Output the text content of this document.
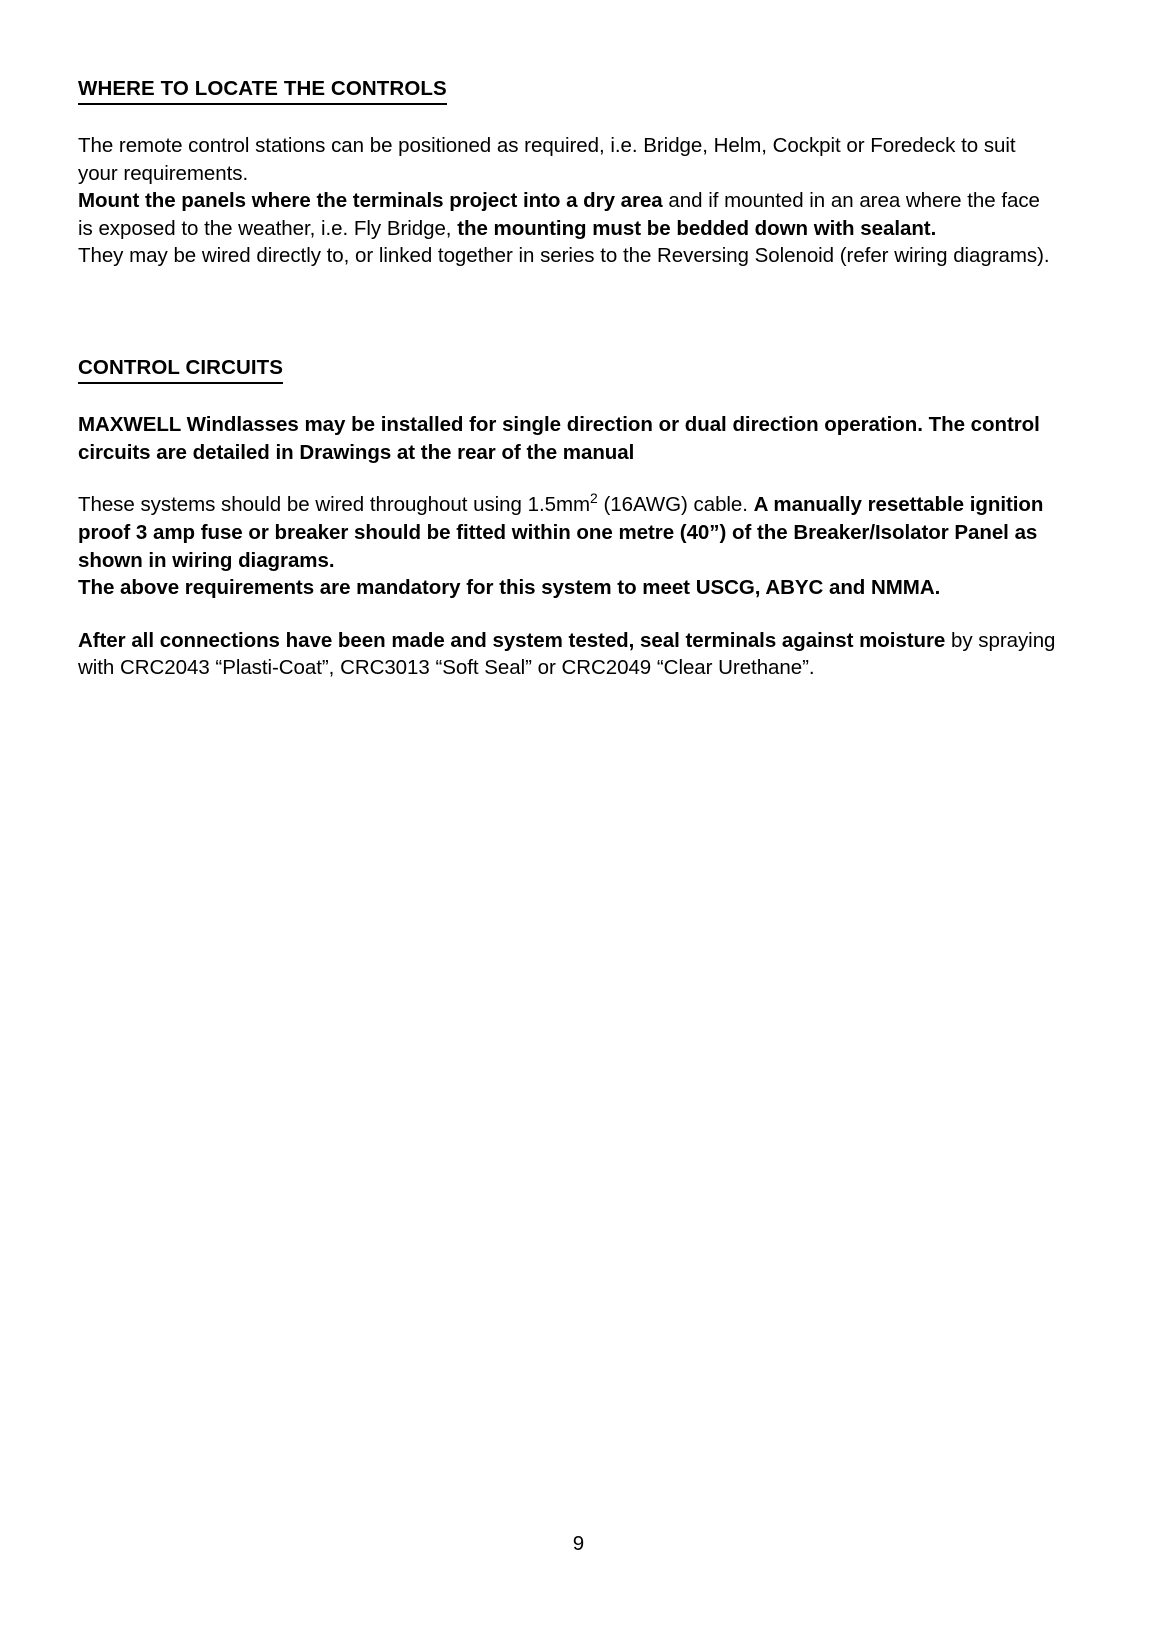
WHERE TO LOCATE THE CONTROLS

The remote control stations can be positioned as required, i.e. Bridge, Helm, Cockpit or Foredeck to suit your requirements.

Mount the panels where the terminals project into a dry area and if mounted in an area where the face is exposed to the weather, i.e. Fly Bridge, the mounting must be bedded down with sealant.

They may be wired directly to, or linked together in series to the Reversing Solenoid (refer wiring diagrams).

CONTROL CIRCUITS

MAXWELL Windlasses may be installed for single direction or dual direction operation. The control circuits are detailed in Drawings at the rear of the manual

These systems should be wired throughout using $1.5mm^2$ (16AWG) cable. A manually resettable ignition proof 3 amp fuse or breaker should be fitted within one metre (40”) of the Breaker/Isolator Panel as shown in wiring diagrams.

The above requirements are mandatory for this system to meet USCG, ABYC and NMMA.

After all connections have been made and system tested, seal terminals against moisture by spraying with CRC2043 “Plasti-Coat”, CRC3013 “Soft Seal” or CRC2049 “Clear Urethane”.

9
